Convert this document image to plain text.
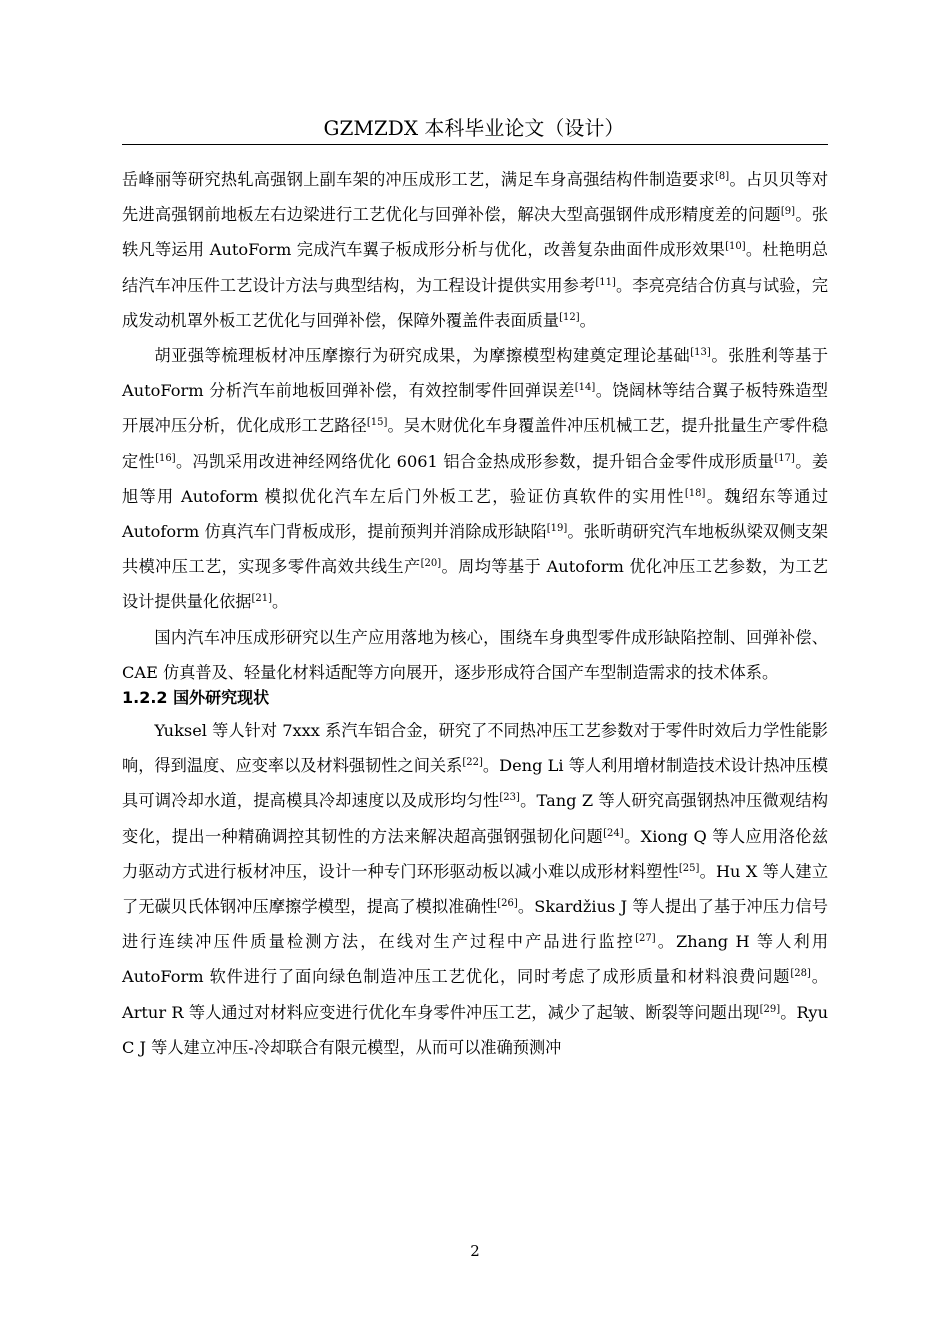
GZMZDX 本科毕业论文（设计）

岳峰丽等研究热轧高强钢上副车架的冲压成形工艺，满足车身高强结构件制造要求[8]。占贝贝等对先进高强钢前地板左右边梁进行工艺优化与回弹补偿，解决大型高强钢件成形精度差的问题[9]。张轶凡等运用 AutoForm 完成汽车翼子板成形分析与优化，改善复杂曲面件成形效果[10]。杜艳明总结汽车冲压件工艺设计方法与典型结构，为工程设计提供实用参考[11]。李亮亮结合仿真与试验，完成发动机罩外板工艺优化与回弹补偿，保障外覆盖件表面质量[12]。

胡亚强等梳理板材冲压摩擦行为研究成果，为摩擦模型构建奠定理论基础[13]。张胜利等基于 AutoForm 分析汽车前地板回弹补偿，有效控制零件回弹误差[14]。饶阔林等结合翼子板特殊造型开展冲压分析，优化成形工艺路径[15]。吴木财优化车身覆盖件冲压机械工艺，提升批量生产零件稳定性[16]。冯凯采用改进神经网络优化 6061 铝合金热成形参数，提升铝合金零件成形质量[17]。姜旭等用 Autoform 模拟优化汽车左后门外板工艺，验证仿真软件的实用性[18]。魏绍东等通过 Autoform 仿真汽车门背板成形，提前预判并消除成形缺陷[19]。张昕萌研究汽车地板纵梁双侧支架共模冲压工艺，实现多零件高效共线生产[20]。周均等基于 Autoform 优化冲压工艺参数，为工艺设计提供量化依据[21]。

国内汽车冲压成形研究以生产应用落地为核心，围绕车身典型零件成形缺陷控制、回弹补偿、CAE 仿真普及、轻量化材料适配等方向展开，逐步形成符合国产车型制造需求的技术体系。

1.2.2 国外研究现状

Yuksel 等人针对 7xxx 系汽车铝合金，研究了不同热冲压工艺参数对于零件时效后力学性能影响，得到温度、应变率以及材料强韧性之间关系[22]。Deng Li 等人利用增材制造技术设计热冲压模具可调冷却水道，提高模具冷却速度以及成形均匀性[23]。Tang Z 等人研究高强钢热冲压微观结构变化，提出一种精确调控其韧性的方法来解决超高强钢强韧化问题[24]。Xiong Q 等人应用洛伦兹力驱动方式进行板材冲压，设计一种专门环形驱动板以减小难以成形材料塑性[25]。Hu X 等人建立了无碳贝氏体钢冲压摩擦学模型，提高了模拟准确性[26]。Skardžius J 等人提出了基于冲压力信号进行连续冲压件质量检测方法，在线对生产过程中产品进行监控[27]。Zhang H 等人利用 AutoForm 软件进行了面向绿色制造冲压工艺优化，同时考虑了成形质量和材料浪费问题[28]。Artur R 等人通过对材料应变进行优化车身零件冲压工艺，减少了起皱、断裂等问题出现[29]。Ryu C J 等人建立冲压-冷却联合有限元模型，从而可以准确预测冲

2
